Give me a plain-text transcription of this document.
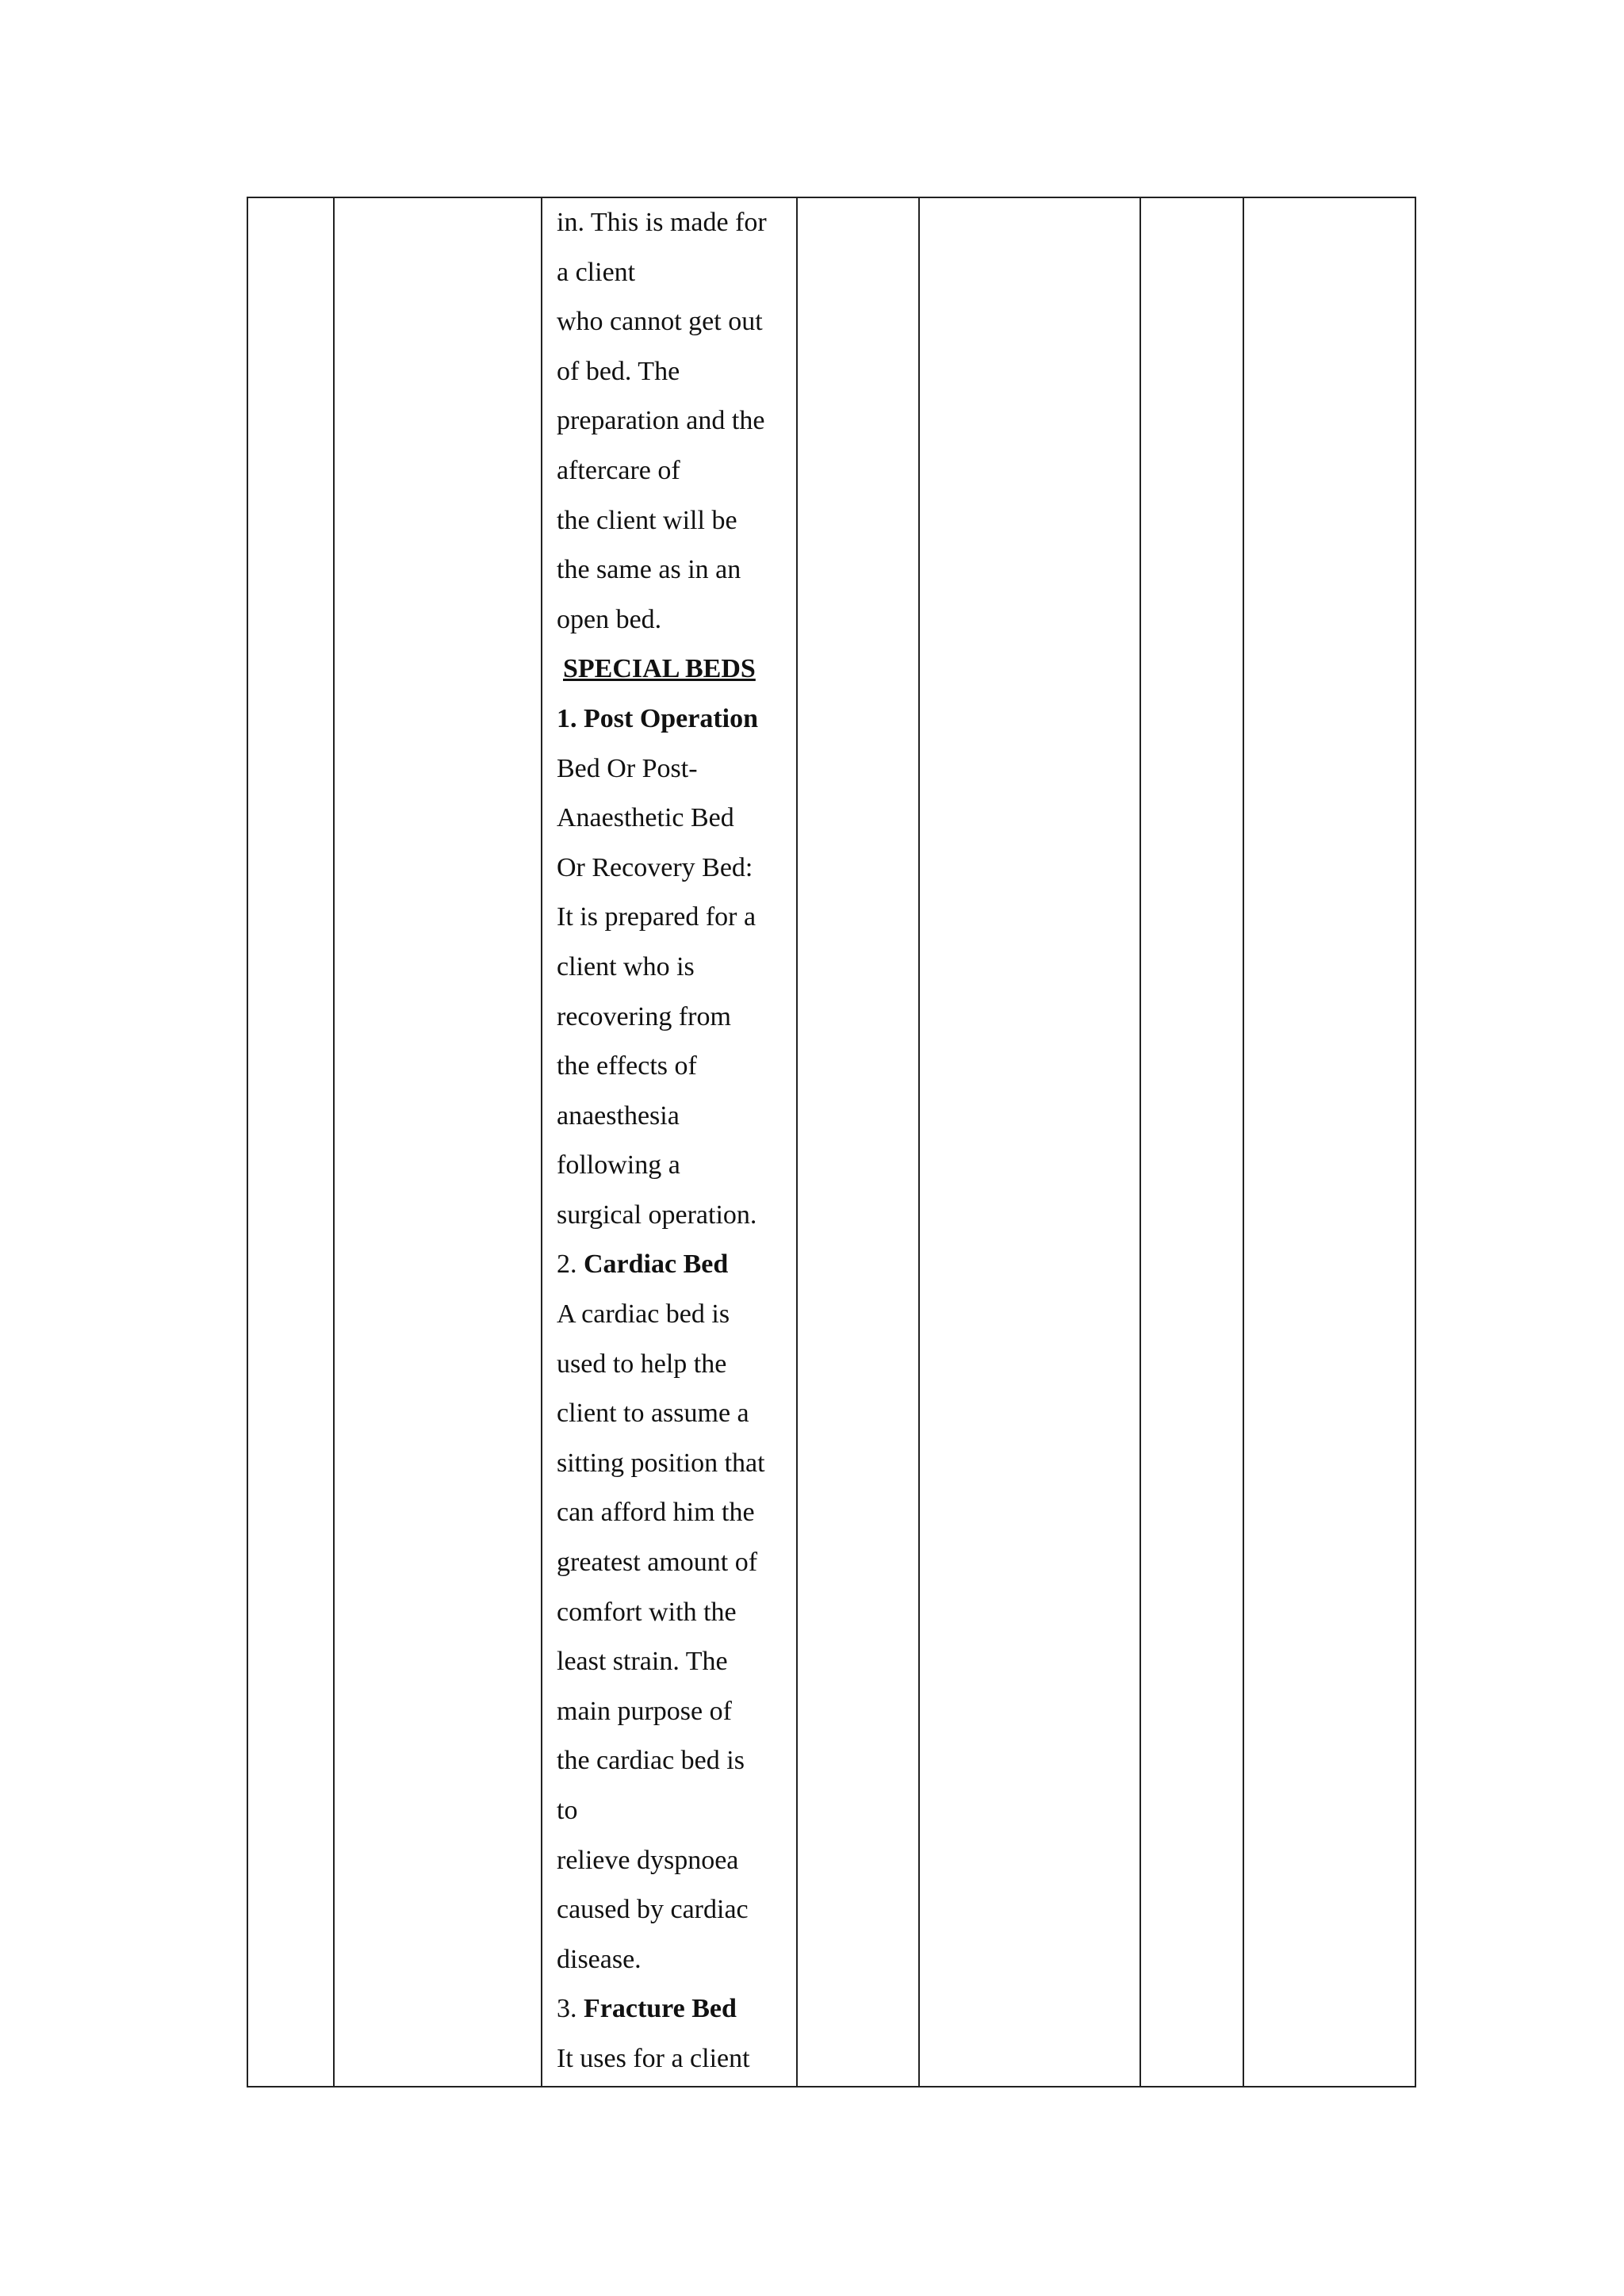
in. This is made for
a client
who cannot get out
of bed. The
preparation and the
aftercare of
the client will be
the same as in an
open bed.
SPECIAL BEDS
1. Post Operation
Bed Or Post-
Anaesthetic Bed
Or Recovery Bed:
It is prepared for a
client who is
recovering from
the effects of
anaesthesia
following a
surgical operation.
2. Cardiac Bed
A cardiac bed is
used to help the
client to assume a
sitting position that
can afford him the
greatest amount of
comfort with the
least strain. The
main purpose of
the cardiac bed is
to
relieve dyspnoea
caused by cardiac
disease.
3. Fracture Bed
It uses for a client
